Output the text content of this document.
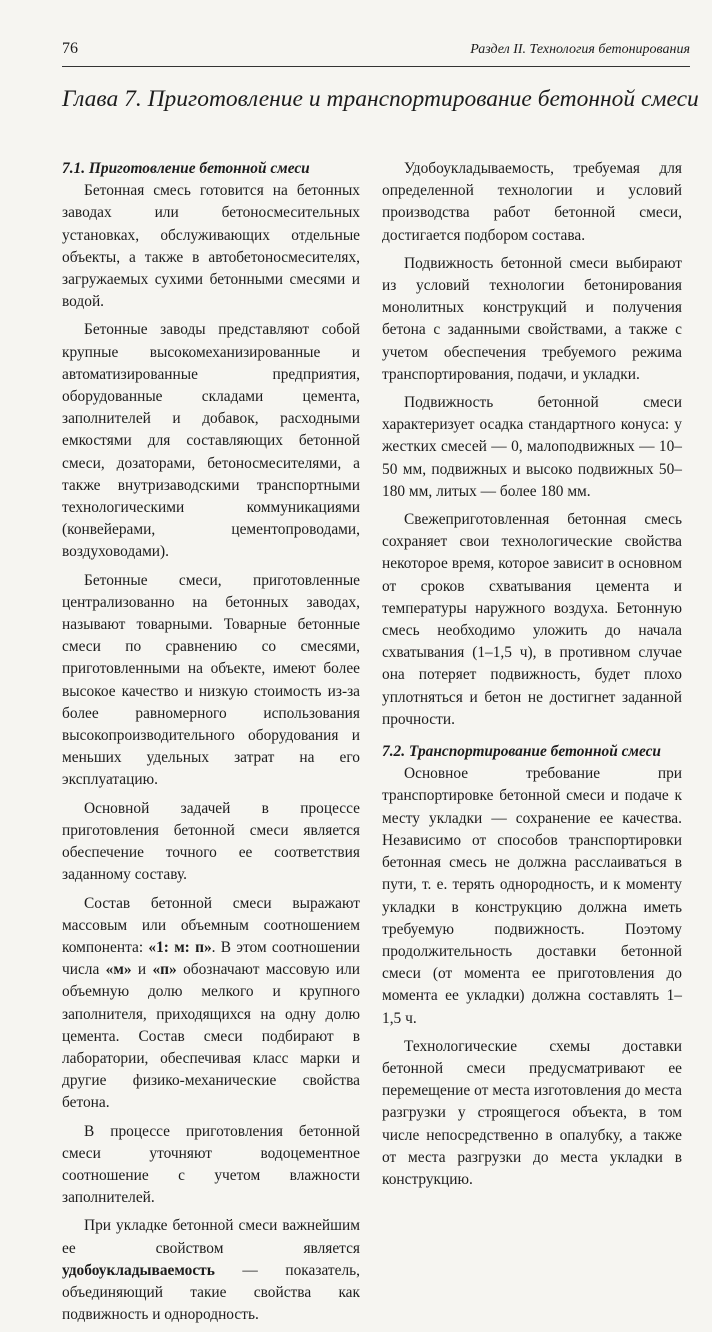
76	Раздел II. Технология бетонирования
Глава 7. Приготовление и транспортирование бетонной смеси
7.1. Приготовление бетонной смеси

Бетонная смесь готовится на бетонных заводах или бетоносмесительных установках, обслуживающих отдельные объекты, а также в автобетоносмесителях, загружаемых сухими бетонными смесями и водой.

Бетонные заводы представляют собой крупные высокомеханизированные и автоматизированные предприятия, оборудованные складами цемента, заполнителей и добавок, расходными емкостями для составляющих бетонной смеси, дозаторами, бетоносмесителями, а также внутризаводскими транспортными технологическими коммуникациями (конвейерами, цементопроводами, воздуховодами).

Бетонные смеси, приготовленные централизованно на бетонных заводах, называют товарными. Товарные бетонные смеси по сравнению со смесями, приготовленными на объекте, имеют более высокое качество и низкую стоимость из-за более равномерного использования высокопроизводительного оборудования и меньших удельных затрат на его эксплуатацию.

Основной задачей в процессе приготовления бетонной смеси является обеспечение точного ее соответствия заданному составу.

Состав бетонной смеси выражают массовым или объемным соотношением компонента: «1: м: п». В этом соотношении числа «м» и «п» обозначают массовую или объемную долю мелкого и крупного заполнителя, приходящихся на одну долю цемента. Состав смеси подбирают в лаборатории, обеспечивая класс марки и другие физико-механические свойства бетона.

В процессе приготовления бетонной смеси уточняют водоцементное соотношение с учетом влажности заполнителей.

При укладке бетонной смеси важнейшим ее свойством является удобоукладываемость — показатель, объединяющий такие свойства как подвижность и однородность.

Удобоукладываемость, требуемая для определенной технологии и условий производства работ бетонной смеси, достигается подбором состава.

Подвижность бетонной смеси выбирают из условий технологии бетонирования монолитных конструкций и получения бетона с заданными свойствами, а также с учетом обеспечения требуемого режима транспортирования, подачи, и укладки.

Подвижность бетонной смеси характеризует осадка стандартного конуса: у жестких смесей — 0, малоподвижных — 10–50 мм, подвижных и высоко подвижных 50–180 мм, литых — более 180 мм.

Свежеприготовленная бетонная смесь сохраняет свои технологические свойства некоторое время, которое зависит в основном от сроков схватывания цемента и температуры наружного воздуха. Бетонную смесь необходимо уложить до начала схватывания (1–1,5 ч), в противном случае она потеряет подвижность, будет плохо уплотняться и бетон не достигнет заданной прочности.

7.2. Транспортирование бетонной смеси

Основное требование при транспортировке бетонной смеси и подаче к месту укладки — сохранение ее качества. Независимо от способов транспортировки бетонная смесь не должна расслаиваться в пути, т. е. терять однородность, и к моменту укладки в конструкцию должна иметь требуемую подвижность. Поэтому продолжительность доставки бетонной смеси (от момента ее приготовления до момента ее укладки) должна составлять 1–1,5 ч.

Технологические схемы доставки бетонной смеси предусматривают ее перемещение от места изготовления до места разгрузки у строящегося объекта, в том числе непосредственно в опалубку, а также от места разгрузки до места укладки в конструкцию.
